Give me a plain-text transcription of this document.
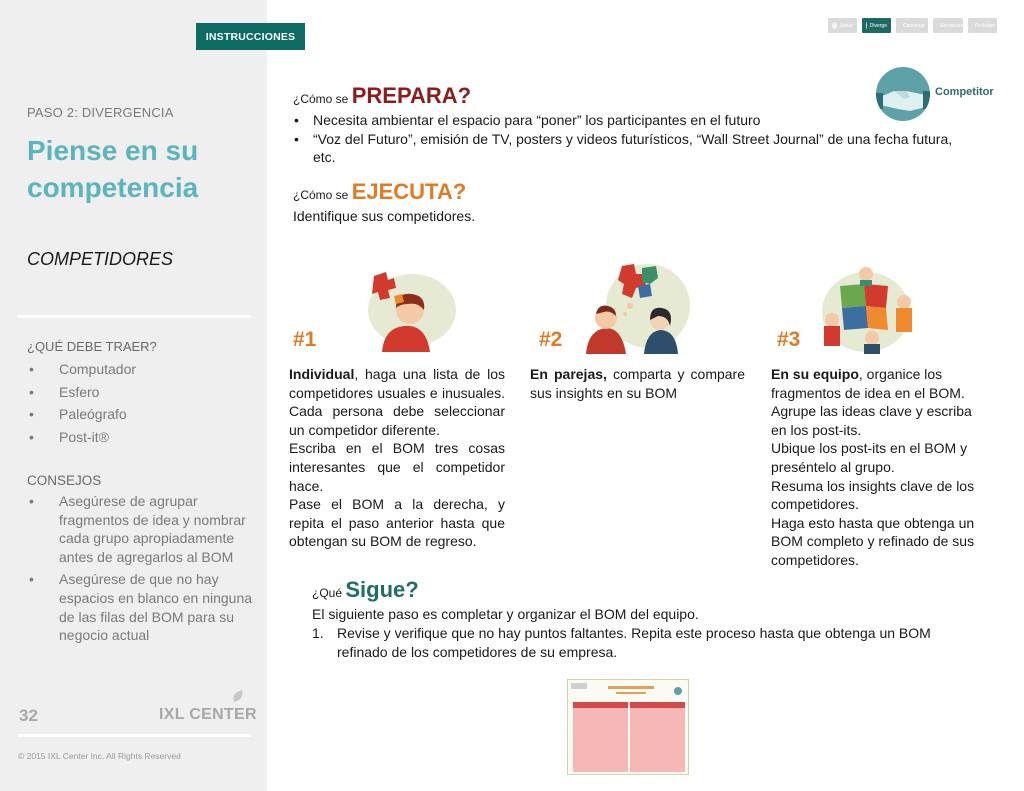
PASO 2: DIVERGENCIA
Piense en su competencia
COMPETIDORES
¿QUÉ DEBE TRAER?
• Computador
• Esfero
• Paleógrafo
• Post-it®
CONSEJOS
• Asegúrese de agrupar fragmentos de idea y nombrar cada grupo apropiadamente antes de agregarlos al BOM
• Asegúrese de que no hay espacios en blanco en ninguna de las filas del BOM para su negocio actual
32	IXL CENTER
© 2015 IXL Center Inc. All Rights Reserved
INSTRUCCIONES
Setup	Diverge	Converge	Sincronizar Prototipo
Competitor
¿Cómo se PREPARA?
• Necesita ambientar el espacio para “poner” los participantes en el futuro
• “Voz del Futuro”, emisión de TV, posters y videos futurísticos, “Wall Street Journal” de una fecha futura, etc.
¿Cómo se EJECUTA?
Identifique sus competidores.
#1	#2	#3

Individual, haga una lista de los competidores usuales e inusuales. Cada persona debe seleccionar un competidor diferente.

Escriba en el BOM tres cosas interesantes que el competidor hace.

Pase el BOM a la derecha, y repita el paso anterior hasta que obtengan su BOM de regreso.

En parejas, comparta y compare sus insights en su BOM

En su equipo, organice los fragmentos de idea en el BOM.

Agrupe las ideas clave y escriba en los post-its.

Ubique los post-its en el BOM y preséntelo al grupo.

Resuma los insights clave de los competidores.

Haga esto hasta que obtenga un BOM completo y refinado de sus competidores.

¿Qué Sigue?
El siguiente paso es completar y organizar el BOM del equipo.
1. Revise y verifique que no hay puntos faltantes. Repita este proceso hasta que obtenga un BOM refinado de los competidores de su empresa.
